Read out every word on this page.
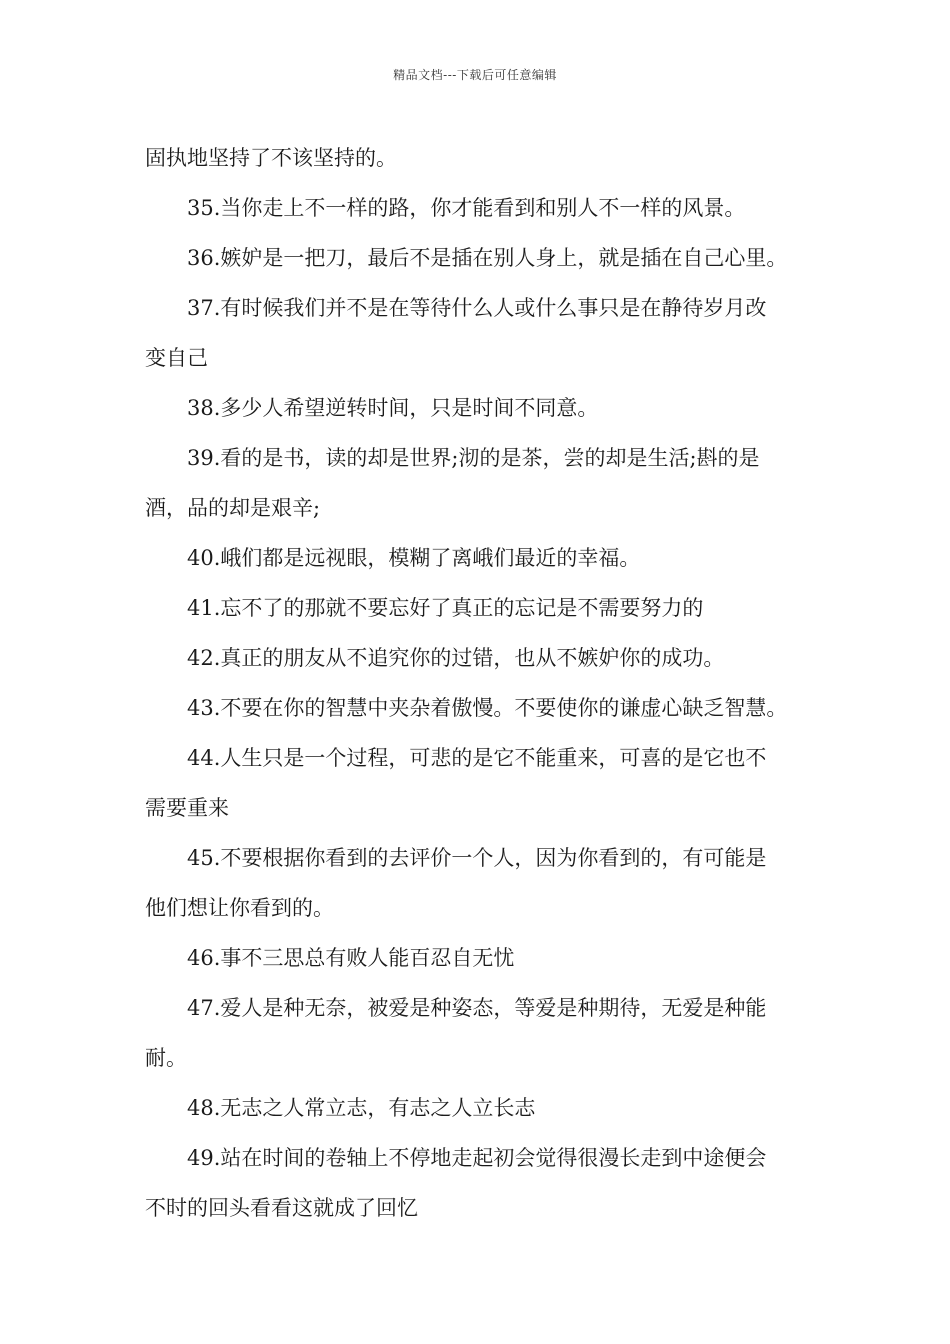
精品文档---下载后可任意编辑
固执地坚持了不该坚持的。
35.当你走上不一样的路，你才能看到和别人不一样的风景。
36.嫉妒是一把刀，最后不是插在别人身上，就是插在自己心里。
37.有时候我们并不是在等待什么人或什么事只是在静待岁月改
变自己
38.多少人希望逆转时间，只是时间不同意。
39.看的是书，读的却是世界;沏的是茶，尝的却是生活;斟的是
酒，品的却是艰辛;
40.峨们都是远视眼，模糊了离峨们最近的幸福。
41.忘不了的那就不要忘好了真正的忘记是不需要努力的
42.真正的朋友从不追究你的过错，也从不嫉妒你的成功。
43.不要在你的智慧中夹杂着傲慢。不要使你的谦虚心缺乏智慧。
44.人生只是一个过程，可悲的是它不能重来，可喜的是它也不
需要重来
45.不要根据你看到的去评价一个人，因为你看到的，有可能是
他们想让你看到的。
46.事不三思总有败人能百忍自无忧
47.爱人是种无奈，被爱是种姿态，等爱是种期待，无爱是种能
耐。
48.无志之人常立志，有志之人立长志
49.站在时间的卷轴上不停地走起初会觉得很漫长走到中途便会
不时的回头看看这就成了回忆
